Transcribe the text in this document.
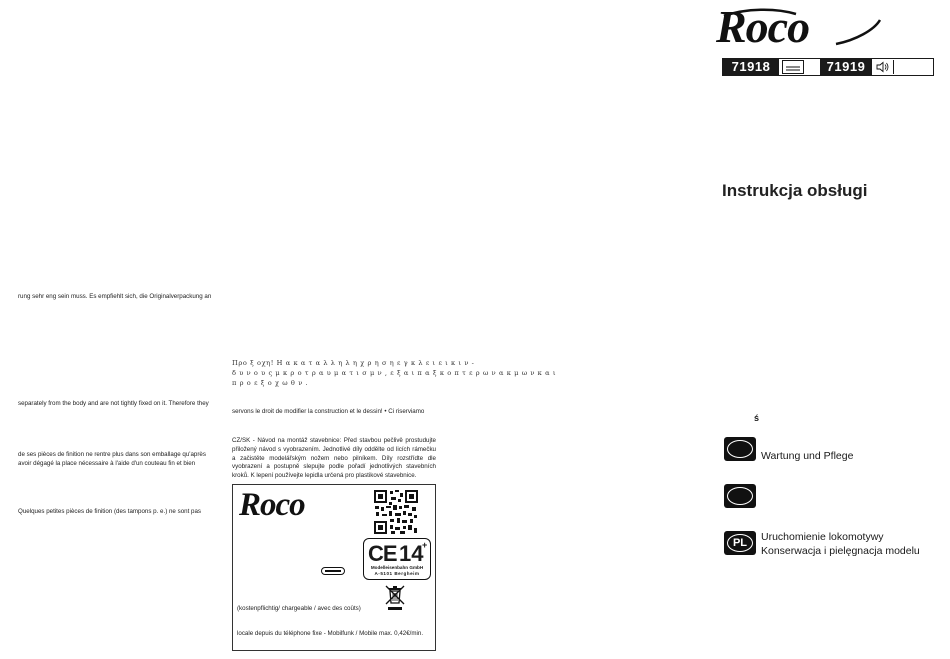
rung sehr eng sein muss. Es empfiehlt sich, die Originalverpackung an
separately from the body and are not tightly fixed on it. Therefore they
de ses pièces de finition ne rentre plus dans son emballage qu'après
avoir dégagé la place nécessaire à l'aide d'un couteau fin et bien
Quelques petites pièces de finition (des tampons p. e.) ne sont pas
Προ ξ οχη! Η α κ α τ α λ λ η λ η χ ρ η σ η ε γ κ λ ε ι ε ι κ ι ν -
δ υ ν ο υ ς μ κ ρ ο τ ρ α υ μ α τ ι σ μ ν , ε ξ α ι π α ξ κ ο π τ ε ρ ω ν α κ μ ω ν κ α ι
π ρ ο ε ξ ο χ ω θ ν .
servons le droit de modifier la construction et le dessin! • Ci riserviamo
CZ/SK - Návod na montáž stavebnice: Před stavbou pečlivě prostudujte přiložený návod s vyobrazením. Jednotlivé díly oddělte od licích rámečku a začistěte modelářským nožem nebo pilníkem. Díly rozstřídte dle vyobrazení a postupně slepujte podle pořadí jednotlivých stavebních kroků. K lepení používejte lepidla určená pro plastikové stavebnice.
Roco
CE 14
+
Modelleisenbahn GmbH
A-5101 Bergheim
(kostenpflichtig/ chargeable / avec des coûts)
locale depuis du téléphone fixe - Mobilfunk / Mobile max. 0,42€/min.
Roco
71918	71919
Instrukcja obsługi
ś
Wartung und Pflege
PL	Uruchomienie lokomotywy
Konserwacja i pielęgnacja modelu
